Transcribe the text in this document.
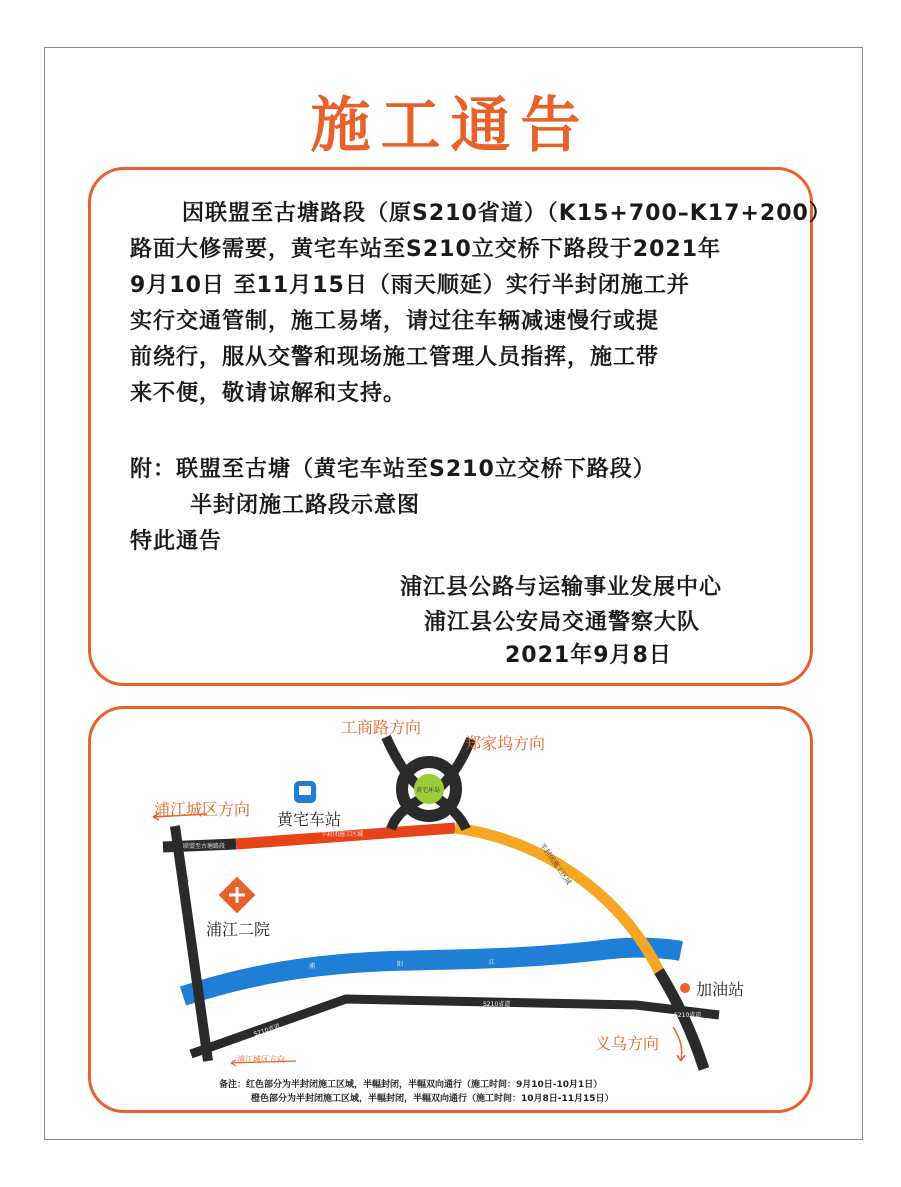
施工通告
因联盟至古塘路段（原S210省道）（K15+700–K17+200）
路面大修需要，黄宅车站至S210立交桥下路段于2021年
9月10日 至11月15日（雨天顺延）实行半封闭施工并
实行交通管制，施工易堵，请过往车辆减速慢行或提
前绕行，服从交警和现场施工管理人员指挥，施工带
来不便，敬请谅解和支持。
附：联盟至古塘（黄宅车站至S210立交桥下路段）
半封闭施工路段示意图
特此通告
浦江县公路与运输事业发展中心
浦江县公安局交通警察大队
2021年9月8日
工商路方向
郑家坞方向
浦江城区方向
黄宅车站
黄宅环岛
联盟至古塘路段
半封闭施工区域
半封闭施工区域
东
黄
线
浦江二院
浦	阳	江
S210省道
S210省道
S210省道
加油站
义乌方向
浦江城区方向
备注：红色部分为半封闭施工区域，半幅封闭，半幅双向通行（施工时间：9月10日-10月1日）
橙色部分为半封闭施工区域，半幅封闭，半幅双向通行（施工时间：10月8日-11月15日）
